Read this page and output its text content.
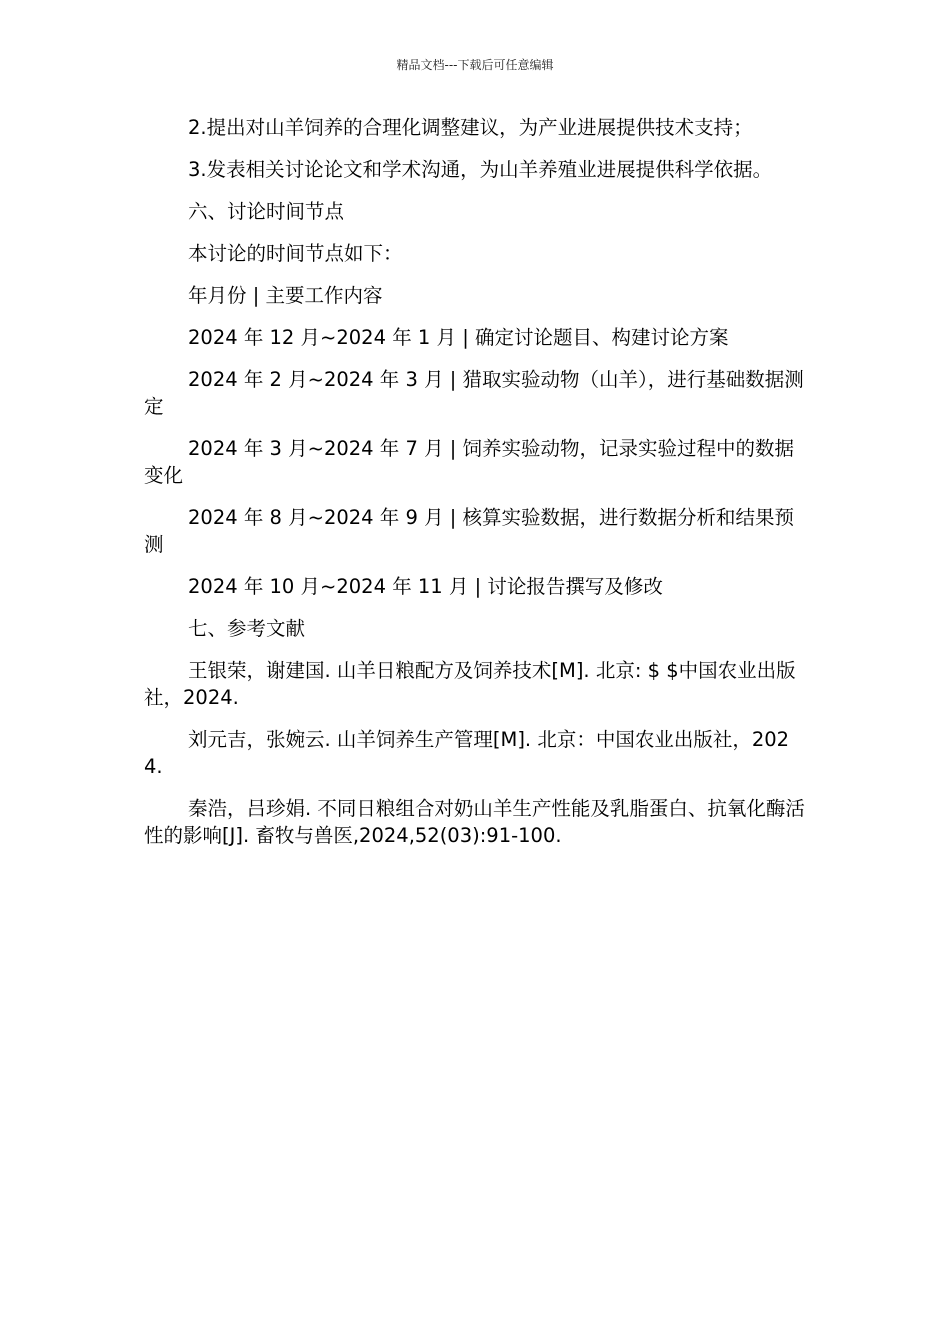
精品文档---下载后可任意编辑

2.提出对山羊饲养的合理化调整建议，为产业进展提供技术支持；

3.发表相关讨论论文和学术沟通，为山羊养殖业进展提供科学依据。

六、讨论时间节点

本讨论的时间节点如下：

年月份 | 主要工作内容

2024 年 12 月~2024 年 1 月 | 确定讨论题目、构建讨论方案

2024 年 2 月~2024 年 3 月 | 猎取实验动物（山羊），进行基础数据测定

2024 年 3 月~2024 年 7 月 | 饲养实验动物，记录实验过程中的数据变化

2024 年 8 月~2024 年 9 月 | 核算实验数据，进行数据分析和结果预测

2024 年 10 月~2024 年 11 月 | 讨论报告撰写及修改

七、参考文献

王银荣，谢建国. 山羊日粮配方及饲养技术[M]. 北京: $ $中国农业出版社，2024.

刘元吉，张婉云. 山羊饲养生产管理[M]. 北京：中国农业出版社，2024.

秦浩，吕珍娟. 不同日粮组合对奶山羊生产性能及乳脂蛋白、抗氧化酶活性的影响[J]. 畜牧与兽医,2024,52(03):91-100.
